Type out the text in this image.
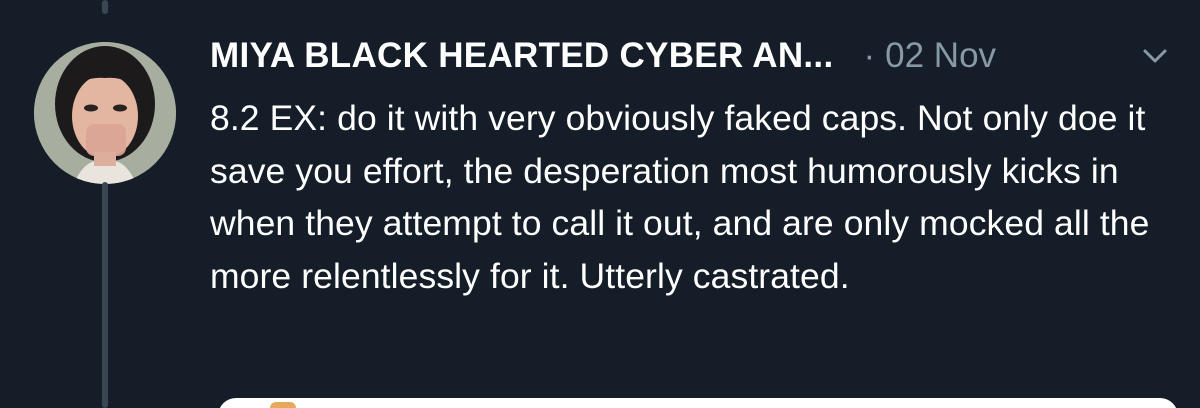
MIYA BLACK HEARTED CYBER AN... · 02 Nov
8.2 EX: do it with very obviously faked caps. Not only doe it save you effort, the desperation most humorously kicks in when they attempt to call it out, and are only mocked all the more relentlessly for it. Utterly castrated.
